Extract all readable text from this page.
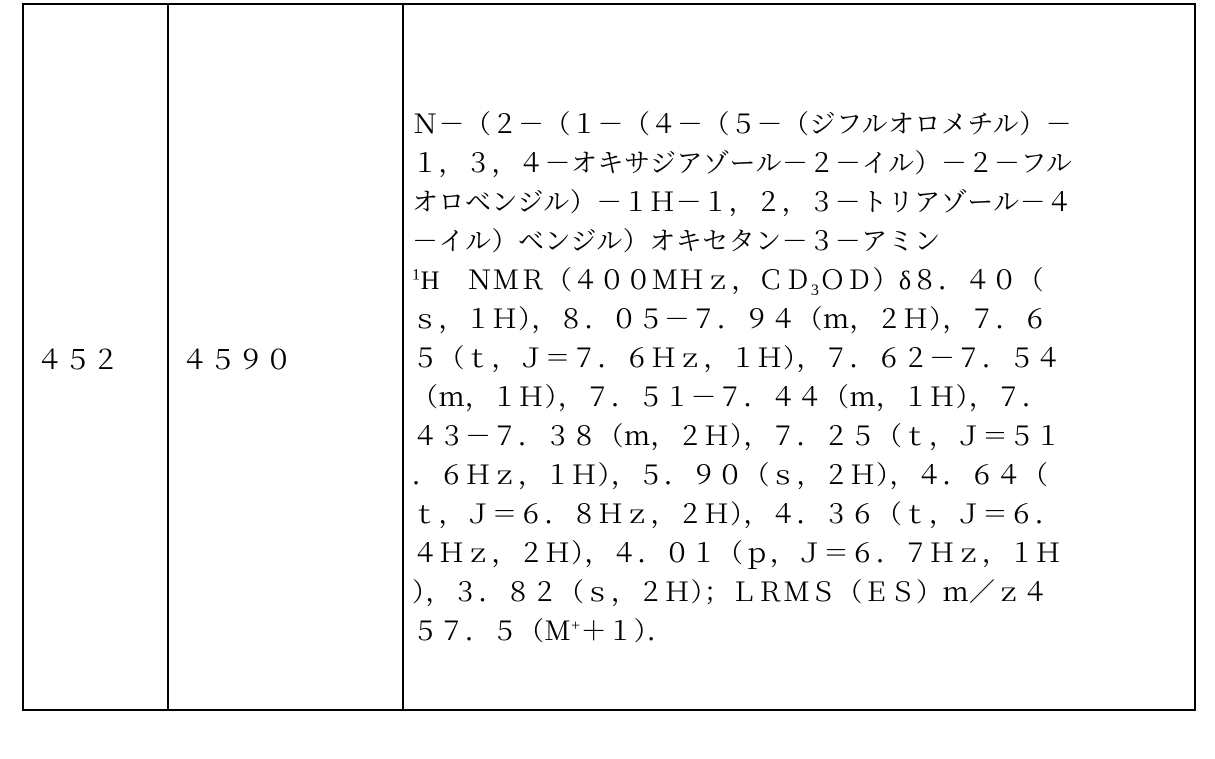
４５２	４５９０

Ｎ－（２－（１－（４－（５－（ジフルオロメチル）－
１，３，４－オキサジアゾール－２－イル）－２－フル
オロベンジル）－１Ｈ－１，２，３－トリアゾール－４
－イル）ベンジル）オキセタン－３－アミン
$^1$H　ＮＭＲ（４００ＭＨｚ，ＣＤ$_3$ＯＤ）δ８．４０（
ｓ，１Ｈ），８．０５－７．９４（ｍ，２Ｈ），７．６
５（ｔ，Ｊ＝７．６Ｈｚ，１Ｈ），７．６２－７．５４
（ｍ，１Ｈ），７．５１－７．４４（ｍ，１Ｈ），７．
４３－７．３８（ｍ，２Ｈ），７．２５（ｔ，Ｊ＝５１
．６Ｈｚ，１Ｈ），５．９０（ｓ，２Ｈ），４．６４（
ｔ，Ｊ＝６．８Ｈｚ，２Ｈ），４．３６（ｔ，Ｊ＝６．
４Ｈｚ，２Ｈ），４．０１（ｐ，Ｊ＝６．７Ｈｚ，１Ｈ
），３．８２（ｓ，２Ｈ）；ＬＲＭＳ（ＥＳ）ｍ／ｚ４
５７．５（Ｍ+＋１）．
